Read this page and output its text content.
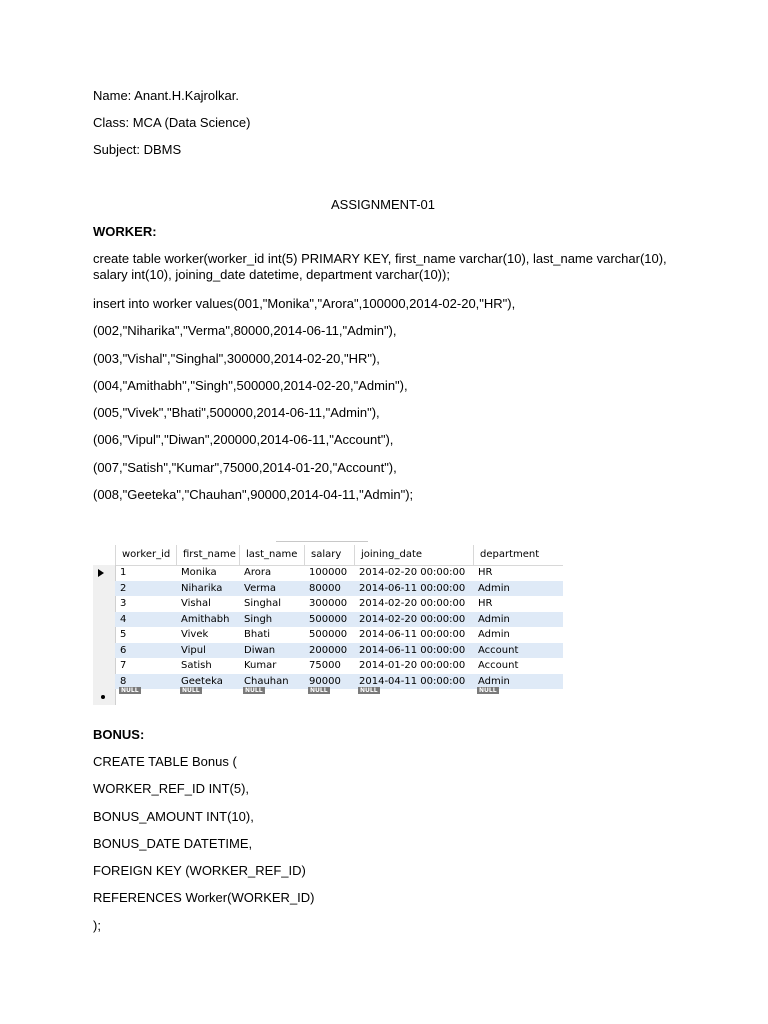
Name: Anant.H.Kajrolkar.
Class: MCA (Data Science)
Subject: DBMS
ASSIGNMENT-01
WORKER:
create table worker(worker_id int(5) PRIMARY KEY, first_name varchar(10), last_name varchar(10), salary int(10), joining_date datetime, department varchar(10));
insert into worker values(001,"Monika","Arora",100000,2014-02-20,"HR"),
(002,"Niharika","Verma",80000,2014-06-11,"Admin"),
(003,"Vishal","Singhal",300000,2014-02-20,"HR"),
(004,"Amithabh","Singh",500000,2014-02-20,"Admin"),
(005,"Vivek","Bhati",500000,2014-06-11,"Admin"),
(006,"Vipul","Diwan",200000,2014-06-11,"Account"),
(007,"Satish","Kumar",75000,2014-01-20,"Account"),
(008,"Geeteka","Chauhan",90000,2014-04-11,"Admin");
BONUS:
CREATE TABLE Bonus (
WORKER_REF_ID INT(5),
BONUS_AMOUNT INT(10),
BONUS_DATE DATETIME,
FOREIGN KEY (WORKER_REF_ID)
REFERENCES Worker(WORKER_ID)
);
worker_id	first_name	last_name	salary	joining_date	department
1	Monika	Arora	100000	2014-02-20 00:00:00	HR
2	Niharika	Verma	80000	2014-06-11 00:00:00	Admin
3	Vishal	Singhal	300000	2014-02-20 00:00:00	HR
4	Amithabh	Singh	500000	2014-02-20 00:00:00	Admin
5	Vivek	Bhati	500000	2014-06-11 00:00:00	Admin
6	Vipul	Diwan	200000	2014-06-11 00:00:00	Account
7	Satish	Kumar	75000	2014-01-20 00:00:00	Account
8	Geeteka	Chauhan	90000	2014-04-11 00:00:00	Admin
NULL	NULL	NULL	NULL	NULL	NULL
